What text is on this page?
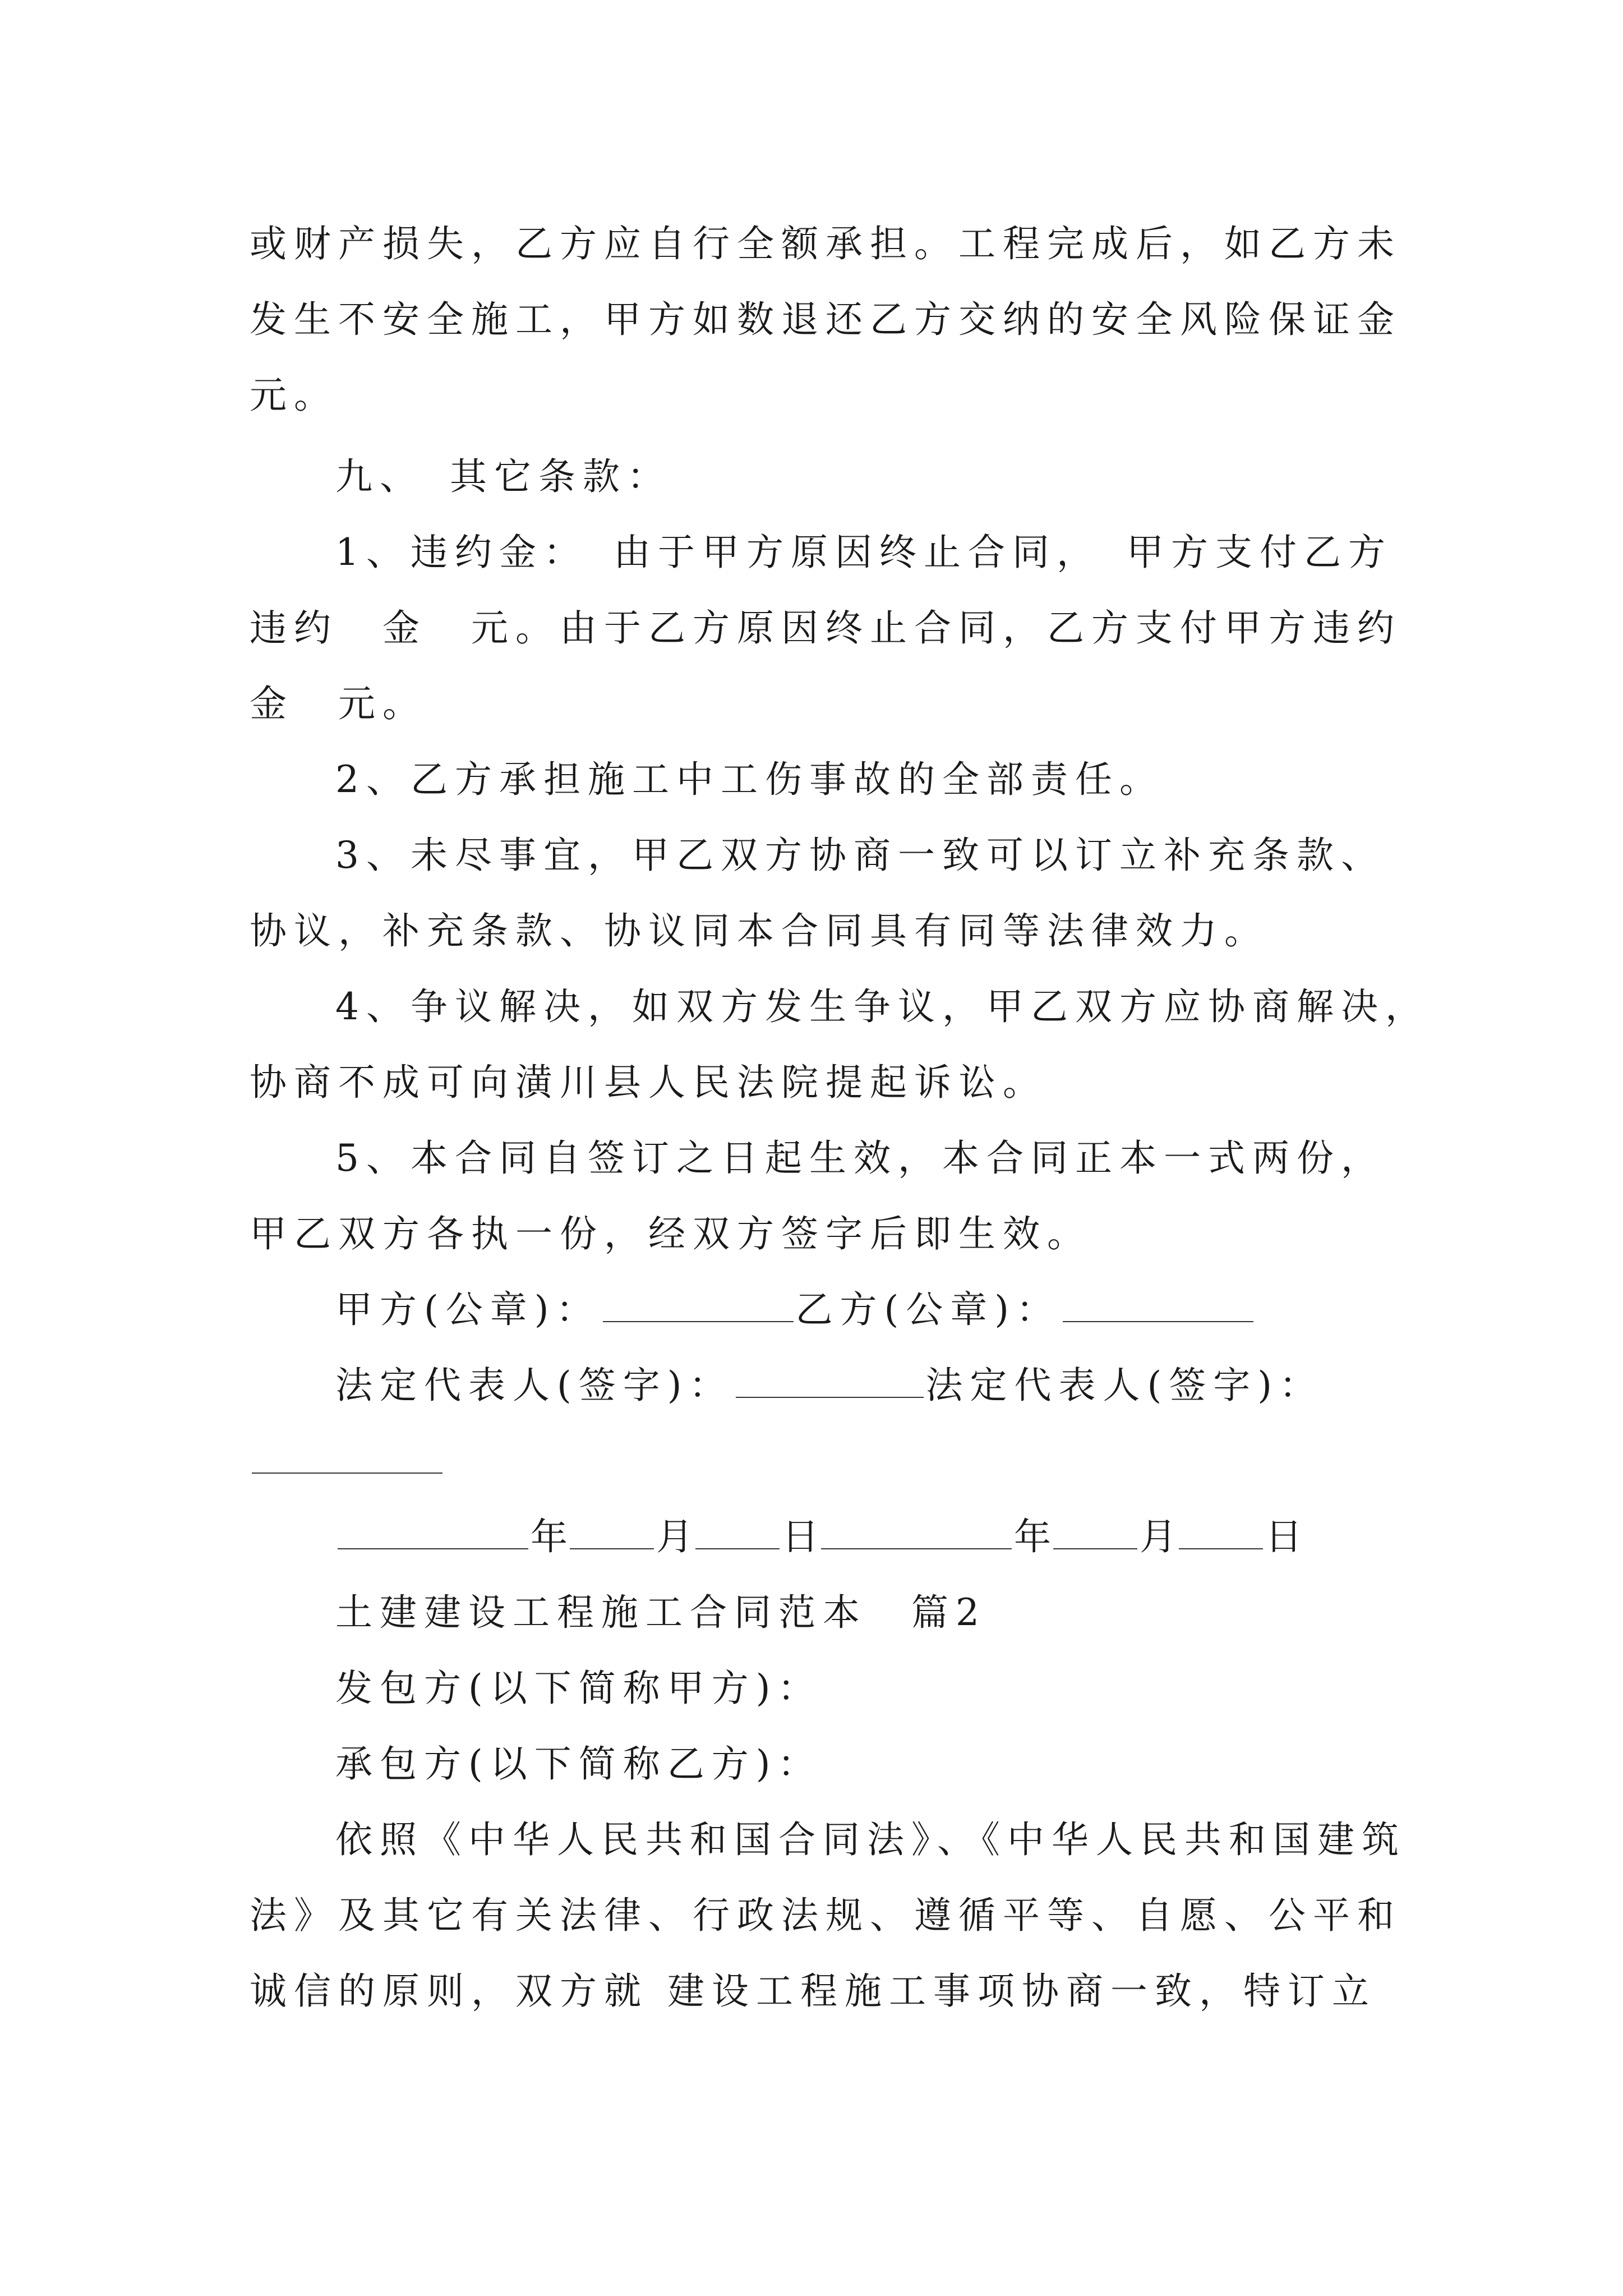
或财产损失，乙方应自行全额承担。工程完成后，如乙方未
发生不安全施工，甲方如数退还乙方交纳的安全风险保证金
元。
九、　其它条款：
1、违约金：　由于甲方原因终止合同，　甲方支付乙方
违约　金　元。由于乙方原因终止合同，乙方支付甲方违约
金　元。
2、乙方承担施工中工伤事故的全部责任。
3、未尽事宜，甲乙双方协商一致可以订立补充条款、
协议，补充条款、协议同本合同具有同等法律效力。
4、争议解决，如双方发生争议，甲乙双方应协商解决，
协商不成可向潢川县人民法院提起诉讼。
5、本合同自签订之日起生效，本合同正本一式两份，
甲乙双方各执一份，经双方签字后即生效。
甲方(公章)：	乙方(公章)：
法定代表人(签字)：	法定代表人(签字)：
年 月 日	年 月 日
土建建设工程施工合同范本　篇2
发包方(以下简称甲方)：
承包方(以下简称乙方)：
依照《中华人民共和国合同法》、《中华人民共和国建筑
法》及其它有关法律、行政法规、遵循平等、自愿、公平和
诚信的原则，双方就 建设工程施工事项协商一致，特订立
